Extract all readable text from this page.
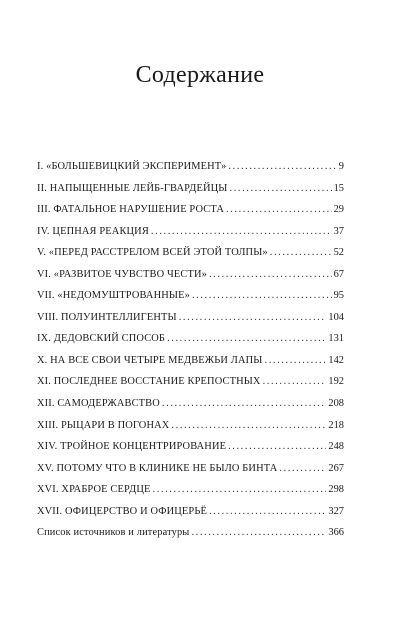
Содержание
I. «БОЛЬШЕВИЦКИЙ ЭКСПЕРИМЕНТ» . . .	9
II. НАПЫЩЕННЫЕ ЛЕЙБ-ГВАРДЕЙЦЫ . . .	15
III. ФАТАЛЬНОЕ НАРУШЕНИЕ РОСТА . . .	29
IV. ЦЕПНАЯ РЕАКЦИЯ . . .	37
V. «ПЕРЕД РАССТРЕЛОМ ВСЕЙ ЭТОЙ ТОЛПЫ» . . .	52
VI. «РАЗВИТОЕ ЧУВСТВО ЧЕСТИ» . . .	67
VII. «НЕДОМУШТРОВАННЫЕ» . . .	95
VIII. ПОЛУИНТЕЛЛИГЕНТЫ . . .	104
IX. ДЕДОВСКИЙ СПОСОБ . . .	131
X. НА ВСЕ СВОИ ЧЕТЫРЕ МЕДВЕЖЬИ ЛАПЫ . . .	142
XI. ПОСЛЕДНЕЕ ВОССТАНИЕ КРЕПОСТНЫХ . . .	192
XII. САМОДЕРЖАВСТВО . . .	208
XIII. РЫЦАРИ В ПОГОНАХ . . .	218
XIV. ТРОЙНОЕ КОНЦЕНТРИРОВАНИЕ . . .	248
XV. ПОТОМУ ЧТО В КЛИНИКЕ НЕ БЫЛО БИНТА . . .	267
XVI. ХРАБРОЕ СЕРДЦЕ . . .	298
XVII. ОФИЦЕРСТВО И ОФИЦЕРЬЁ . . .	327
Список источников и литературы . . .	366
